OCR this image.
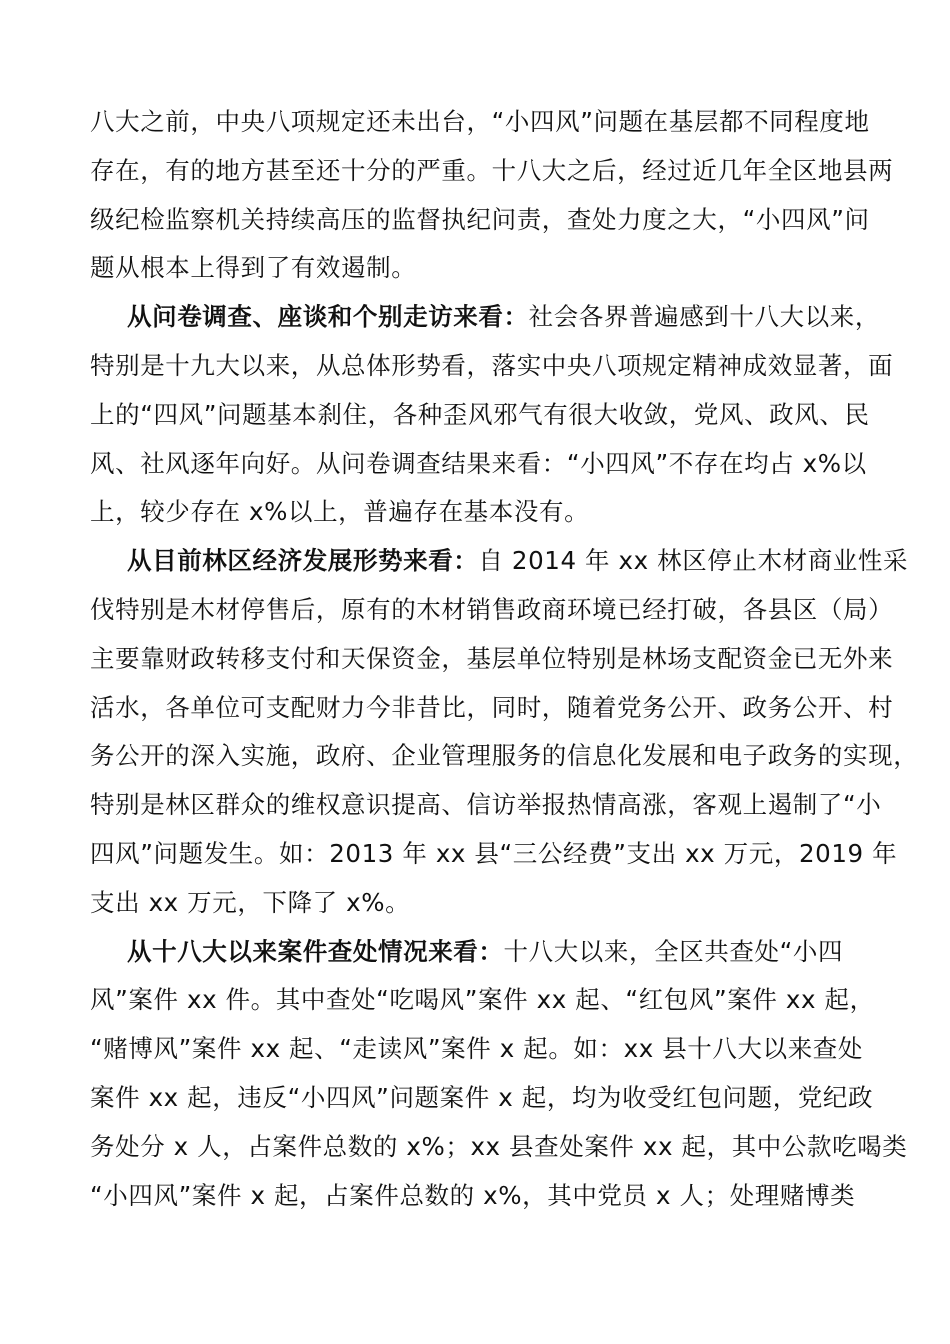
八大之前，中央八项规定还未出台，“小四风”问题在基层都不同程度地
存在，有的地方甚至还十分的严重。十八大之后，经过近几年全区地县两
级纪检监察机关持续高压的监督执纪问责，查处力度之大，“小四风”问
题从根本上得到了有效遏制。
从问卷调查、座谈和个别走访来看：社会各界普遍感到十八大以来，
特别是十九大以来，从总体形势看，落实中央八项规定精神成效显著，面
上的“四风”问题基本刹住，各种歪风邪气有很大收敛，党风、政风、民
风、社风逐年向好。从问卷调查结果来看：“小四风”不存在均占 x%以
上，较少存在 x%以上，普遍存在基本没有。
从目前林区经济发展形势来看：自 2014 年 xx 林区停止木材商业性采
伐特别是木材停售后，原有的木材销售政商环境已经打破，各县区（局）
主要靠财政转移支付和天保资金，基层单位特别是林场支配资金已无外来
活水，各单位可支配财力今非昔比，同时，随着党务公开、政务公开、村
务公开的深入实施，政府、企业管理服务的信息化发展和电子政务的实现，
特别是林区群众的维权意识提高、信访举报热情高涨，客观上遏制了“小
四风”问题发生。如：2013 年 xx 县“三公经费”支出 xx 万元，2019 年
支出 xx 万元，下降了 x%。
从十八大以来案件查处情况来看：十八大以来，全区共查处“小四
风”案件 xx 件。其中查处“吃喝风”案件 xx 起、“红包风”案件 xx 起，
“赌博风”案件 xx 起、“走读风”案件 x 起。如：xx 县十八大以来查处
案件 xx 起，违反“小四风”问题案件 x 起，均为收受红包问题，党纪政
务处分 x 人，占案件总数的 x%；xx 县查处案件 xx 起，其中公款吃喝类
“小四风”案件 x 起，占案件总数的 x%，其中党员 x 人；处理赌博类
